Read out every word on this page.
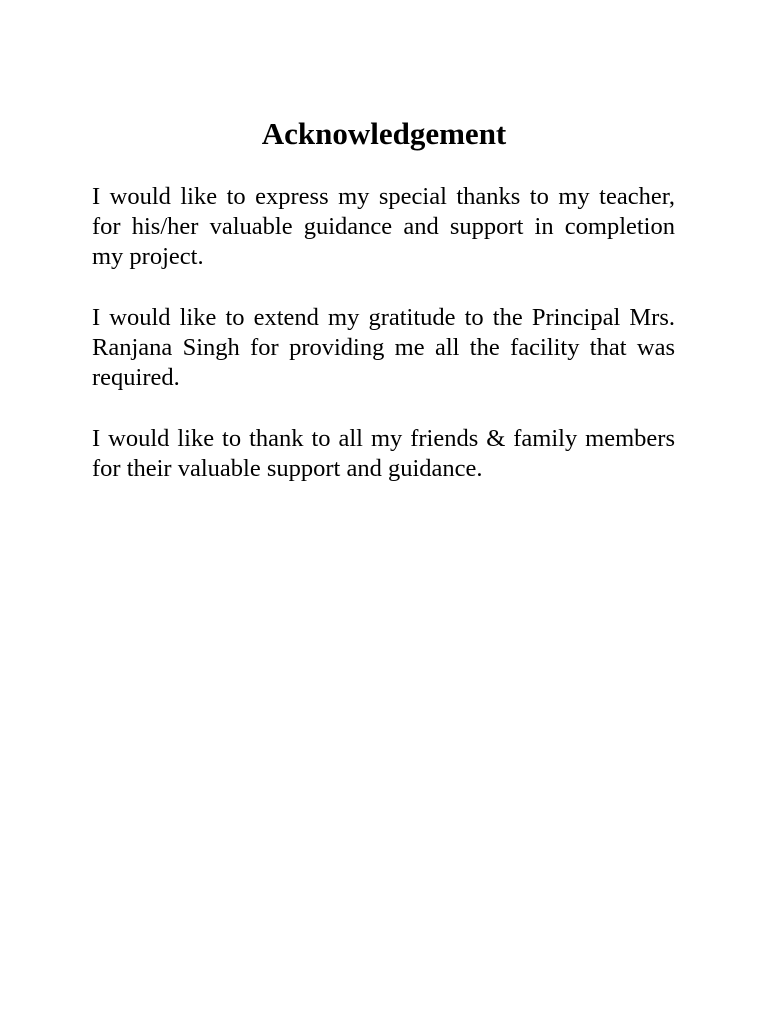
Acknowledgement

I would like to express my special thanks to my teacher, for his/her valuable guidance and support in completion my project.

I would like to extend my gratitude to the Principal Mrs. Ranjana Singh for providing me all the facility that was required.

I would like to thank to all my friends & family members for their valuable support and guidance.
